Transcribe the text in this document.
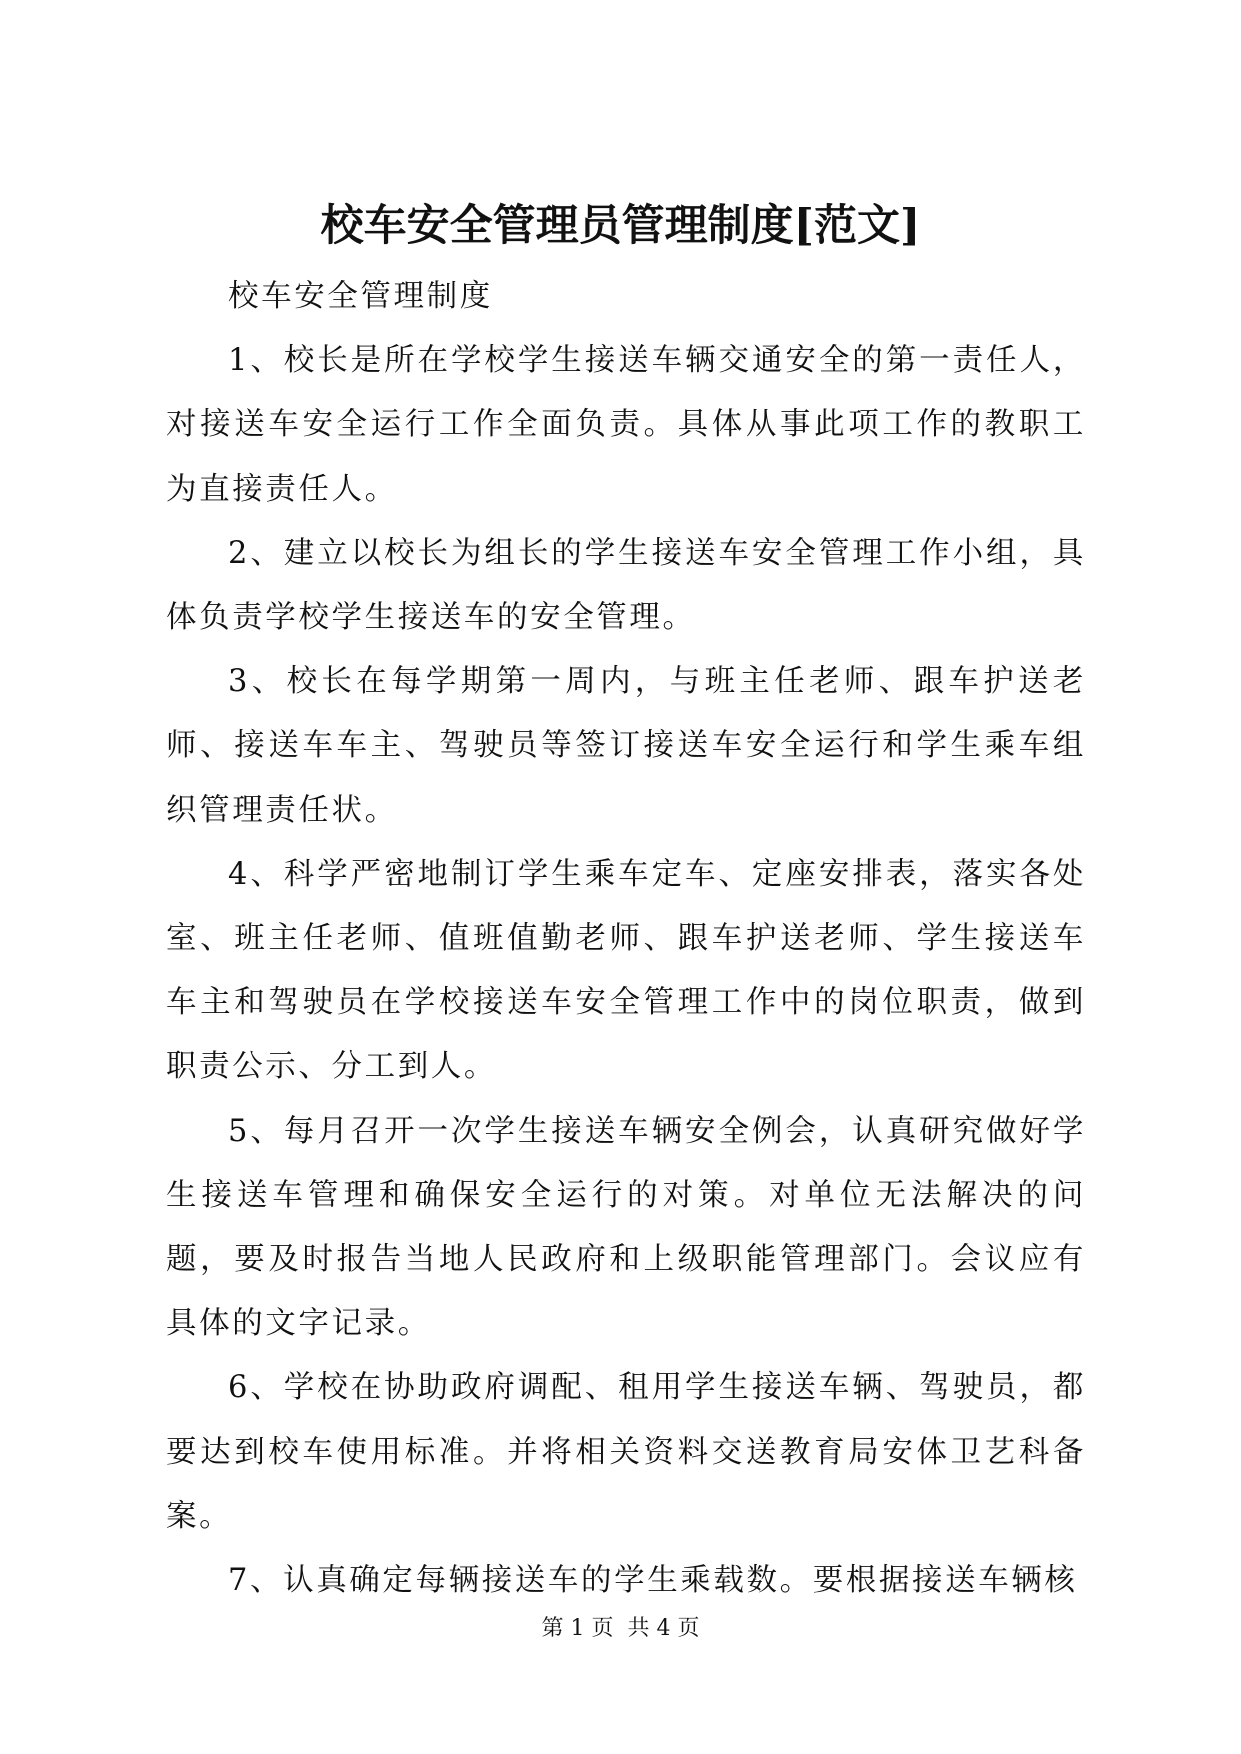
校车安全管理员管理制度[范文]

校车安全管理制度

1、校长是所在学校学生接送车辆交通安全的第一责任人，对接送车安全运行工作全面负责。具体从事此项工作的教职工为直接责任人。

2、建立以校长为组长的学生接送车安全管理工作小组，具体负责学校学生接送车的安全管理。

3、校长在每学期第一周内，与班主任老师、跟车护送老师、接送车车主、驾驶员等签订接送车安全运行和学生乘车组织管理责任状。

4、科学严密地制订学生乘车定车、定座安排表，落实各处室、班主任老师、值班值勤老师、跟车护送老师、学生接送车车主和驾驶员在学校接送车安全管理工作中的岗位职责，做到职责公示、分工到人。

5、每月召开一次学生接送车辆安全例会，认真研究做好学生接送车管理和确保安全运行的对策。对单位无法解决的问题，要及时报告当地人民政府和上级职能管理部门。会议应有具体的文字记录。

6、学校在协助政府调配、租用学生接送车辆、驾驶员，都要达到校车使用标准。并将相关资料交送教育局安体卫艺科备案。

7、认真确定每辆接送车的学生乘载数。要根据接送车辆核

第 1 页  共 4 页
